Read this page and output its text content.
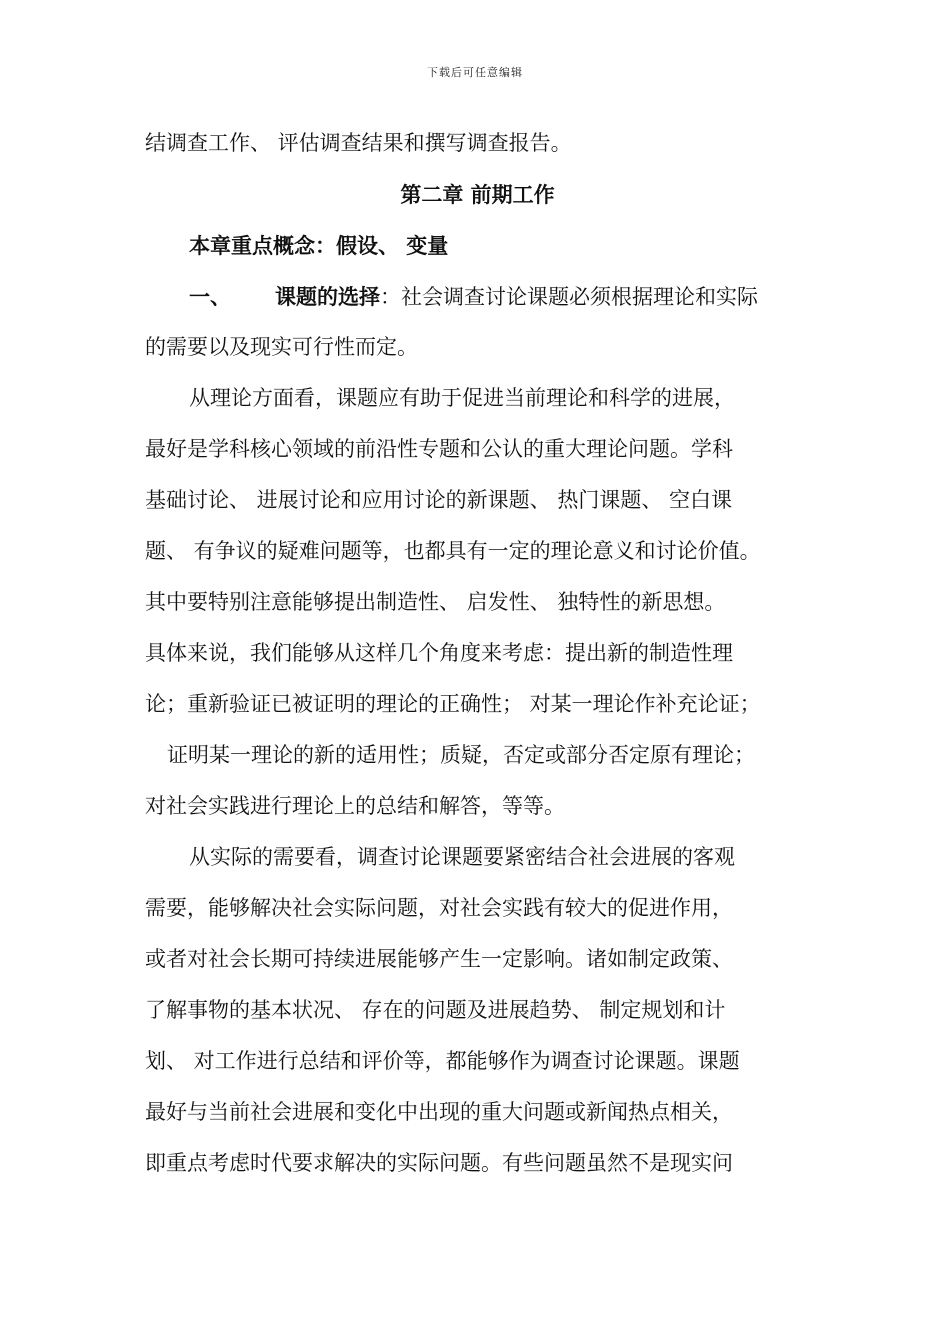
下载后可任意编辑
结调查工作、 评估调查结果和撰写调查报告。
第二章 前期工作
本章重点概念：假设、 变量
一、 课题的选择：社会调查讨论课题必须根据理论和实际
的需要以及现实可行性而定。
从理论方面看，课题应有助于促进当前理论和科学的进展，
最好是学科核心领域的前沿性专题和公认的重大理论问题。学科
基础讨论、 进展讨论和应用讨论的新课题、 热门课题、 空白课
题、 有争议的疑难问题等，也都具有一定的理论意义和讨论价值。
其中要特别注意能够提出制造性、 启发性、 独特性的新思想。
具体来说，我们能够从这样几个角度来考虑：提出新的制造性理
论；重新验证已被证明的理论的正确性； 对某一理论作补充论证；
证明某一理论的新的适用性；质疑，否定或部分否定原有理论；
对社会实践进行理论上的总结和解答，等等。
从实际的需要看，调查讨论课题要紧密结合社会进展的客观
需要，能够解决社会实际问题，对社会实践有较大的促进作用，
或者对社会长期可持续进展能够产生一定影响。诸如制定政策、
了解事物的基本状况、 存在的问题及进展趋势、 制定规划和计
划、 对工作进行总结和评价等，都能够作为调查讨论课题。课题
最好与当前社会进展和变化中出现的重大问题或新闻热点相关，
即重点考虑时代要求解决的实际问题。有些问题虽然不是现实问
